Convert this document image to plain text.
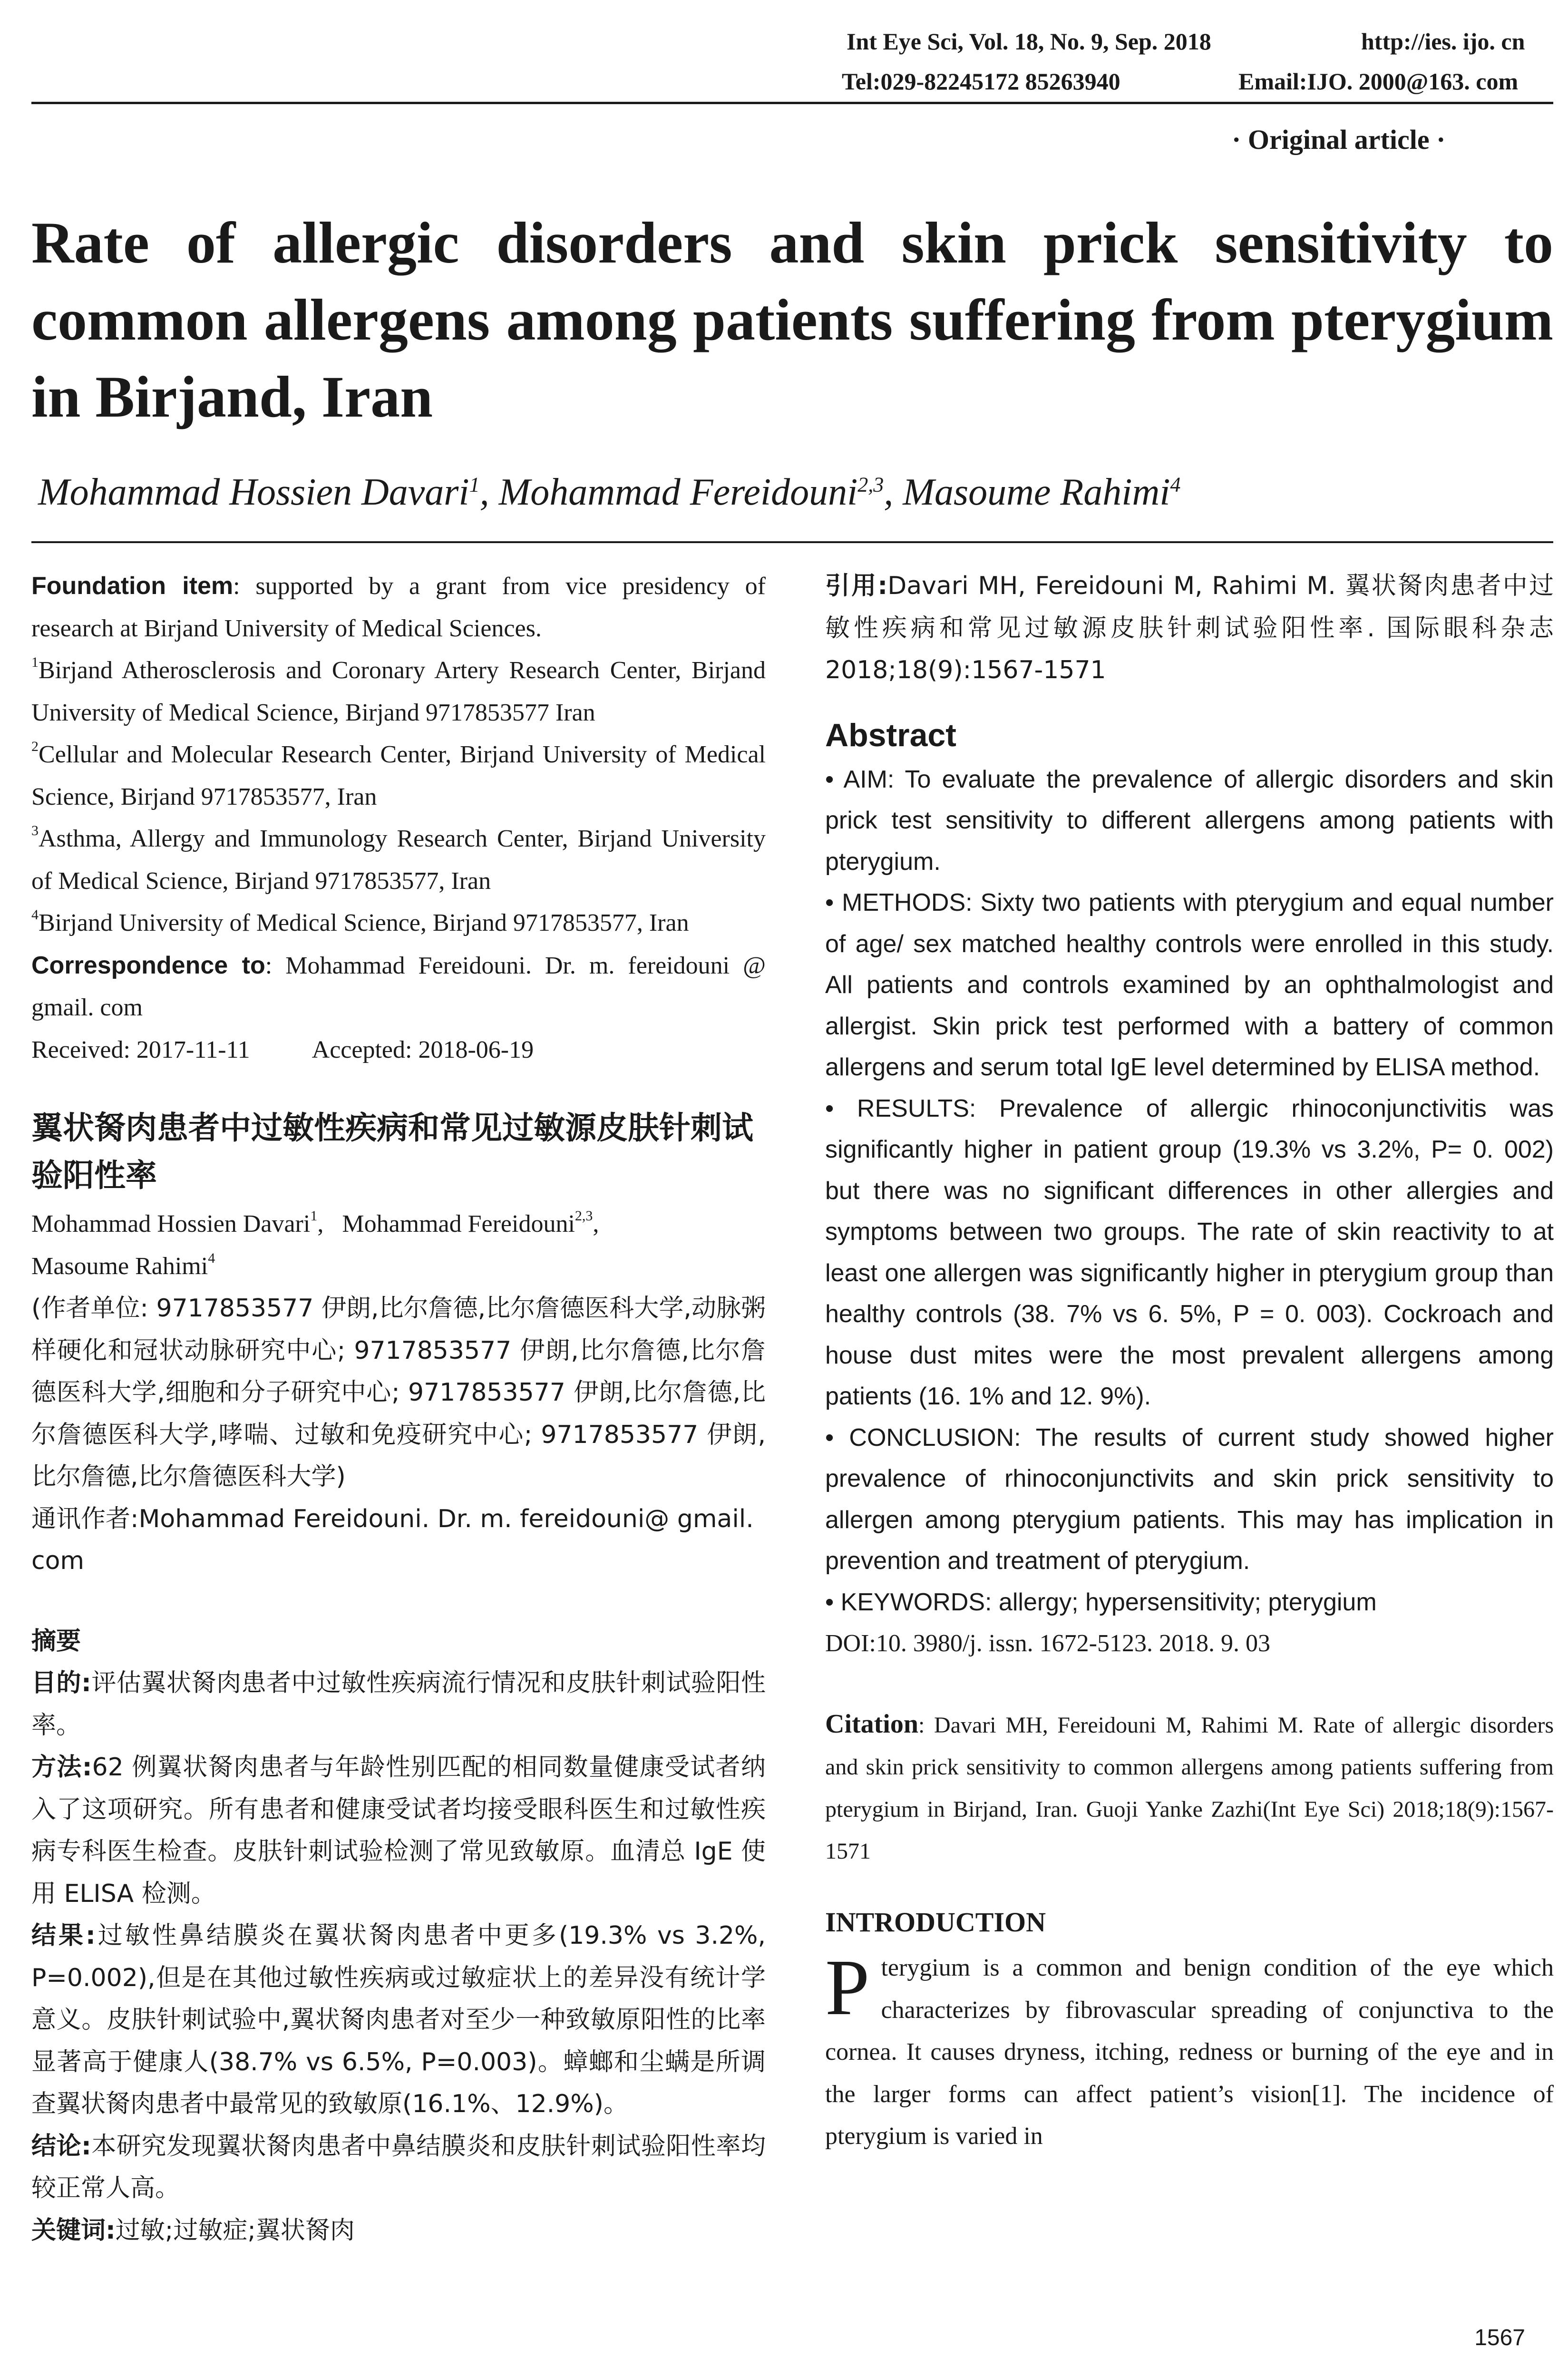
Int Eye Sci, Vol. 18, No. 9, Sep. 2018	http://ies. ijo. cn
Tel:029-82245172 85263940	Email:IJO. 2000@163. com
· Original article ·
Rate of allergic disorders and skin prick sensitivity to common allergens among patients suffering from pterygium in Birjand, Iran
Mohammad Hossien Davari$^1$, Mohammad Fereidouni$^{2,3}$, Masoume Rahimi$^4$

Foundation item: supported by a grant from vice presidency of research at Birjand University of Medical Sciences.

$^1$Birjand Atherosclerosis and Coronary Artery Research Center, Birjand University of Medical Science, Birjand 9717853577 Iran

$^2$Cellular and Molecular Research Center, Birjand University of Medical Science, Birjand 9717853577, Iran

$^3$Asthma, Allergy and Immunology Research Center, Birjand University of Medical Science, Birjand 9717853577, Iran

$^4$Birjand University of Medical Science, Birjand 9717853577, Iran

Correspondence to: Mohammad Fereidouni. Dr. m. fereidouni @ gmail. com

Received: 2017-11-11	Accepted: 2018-06-19

翼状胬肉患者中过敏性疾病和常见过敏源皮肤针刺试验阳性率

Mohammad Hossien Davari$^1$,   Mohammad Fereidouni$^{2,3}$,
Masoume Rahimi$^4$

(作者单位: 9717853577 伊朗,比尔詹德,比尔詹德医科大学,动脉粥样硬化和冠状动脉研究中心; 9717853577 伊朗,比尔詹德,比尔詹德医科大学,细胞和分子研究中心; 9717853577 伊朗,比尔詹德,比尔詹德医科大学,哮喘、过敏和免疫研究中心; 9717853577 伊朗,比尔詹德,比尔詹德医科大学)

通讯作者:Mohammad Fereidouni. Dr. m. fereidouni@ gmail. com

摘要

目的:评估翼状胬肉患者中过敏性疾病流行情况和皮肤针刺试验阳性率。

方法:62 例翼状胬肉患者与年龄性别匹配的相同数量健康受试者纳入了这项研究。所有患者和健康受试者均接受眼科医生和过敏性疾病专科医生检查。皮肤针刺试验检测了常见致敏原。血清总 IgE 使用 ELISA 检测。

结果:过敏性鼻结膜炎在翼状胬肉患者中更多(19.3% vs 3.2%, P=0.002),但是在其他过敏性疾病或过敏症状上的差异没有统计学意义。皮肤针刺试验中,翼状胬肉患者对至少一种致敏原阳性的比率显著高于健康人(38.7% vs 6.5%, P=0.003)。蟑螂和尘螨是所调查翼状胬肉患者中最常见的致敏原(16.1%、12.9%)。

结论:本研究发现翼状胬肉患者中鼻结膜炎和皮肤针刺试验阳性率均较正常人高。

关键词:过敏;过敏症;翼状胬肉

引用:Davari MH, Fereidouni M, Rahimi M. 翼状胬肉患者中过敏性疾病和常见过敏源皮肤针刺试验阳性率. 国际眼科杂志 2018;18(9):1567-1571

Abstract

• AIM: To evaluate the prevalence of allergic disorders and skin prick test sensitivity to different allergens among patients with pterygium.

• METHODS: Sixty two patients with pterygium and equal number of age/ sex matched healthy controls were enrolled in this study. All patients and controls examined by an ophthalmologist and allergist. Skin prick test performed with a battery of common allergens and serum total IgE level determined by ELISA method.

• RESULTS: Prevalence of allergic rhinoconjunctivitis was significantly higher in patient group (19.3% vs 3.2%, P= 0. 002) but there was no significant differences in other allergies and symptoms between two groups. The rate of skin reactivity to at least one allergen was significantly higher in pterygium group than healthy controls (38. 7% vs 6. 5%, P = 0. 003). Cockroach and house dust mites were the most prevalent allergens among patients (16. 1% and 12. 9%).

• CONCLUSION: The results of current study showed higher prevalence of rhinoconjunctivits and skin prick sensitivity to allergen among pterygium patients. This may has implication in prevention and treatment of pterygium.

• KEYWORDS: allergy; hypersensitivity; pterygium

DOI:10. 3980/j. issn. 1672-5123. 2018. 9. 03

Citation: Davari MH, Fereidouni M, Rahimi M. Rate of allergic disorders and skin prick sensitivity to common allergens among patients suffering from pterygium in Birjand, Iran. Guoji Yanke Zazhi(Int Eye Sci) 2018;18(9):1567-1571

INTRODUCTION

Pterygium is a common and benign condition of the eye which characterizes by fibrovascular spreading of conjunctiva to the cornea. It causes dryness, itching, redness or burning of the eye and in the larger forms can affect patient’s vision[1]. The incidence of pterygium is varied in

1567
